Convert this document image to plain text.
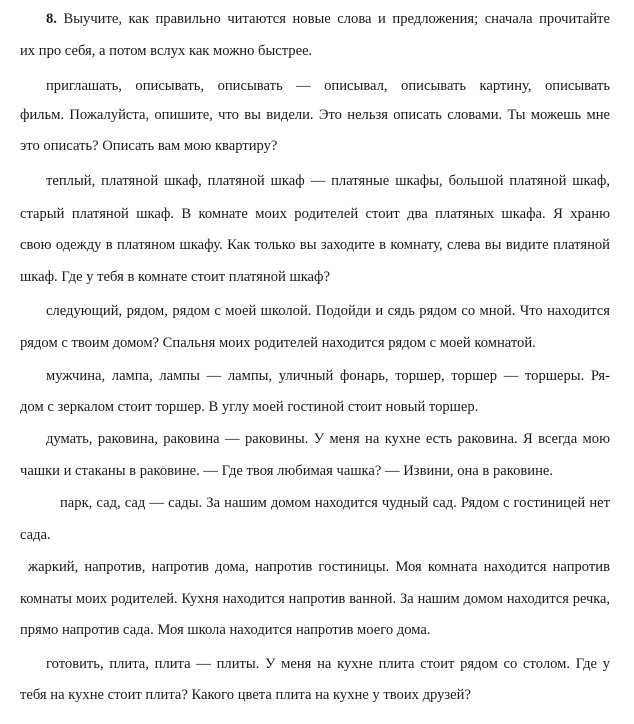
8. Выучите, как правильно читаются новые слова и предложения; сначала прочитайте
их про себя, а потом вслух как можно быстрее.
приглашать, описывать, описывать — описывал, описывать картину, описывать
фильм. Пожалуйста, опишите, что вы видели. Это нельзя описать словами. Ты можешь мне
это описать? Описать вам мою квартиру?
теплый, платяной шкаф, платяной шкаф — платяные шкафы, большой платяной шкаф,
старый платяной шкаф. В комнате моих родителей стоит два платяных шкафа. Я храню
свою одежду в платяном шкафу. Как только вы заходите в комнату, слева вы видите платяной
шкаф. Где у тебя в комнате стоит платяной шкаф?
следующий, рядом, рядом с моей школой. Подойди и сядь рядом со мной. Что находится
рядом с твоим домом? Спальня моих родителей находится рядом с моей комнатой.
мужчина, лампа, лампы — лампы, уличный фонарь, торшер, торшер — торшеры. Ря-
дом с зеркалом стоит торшер. В углу моей гостиной стоит новый торшер.
думать, раковина, раковина — раковины. У меня на кухне есть раковина. Я всегда мою
чашки и стаканы в раковине. — Где твоя любимая чашка? — Извини, она в раковине.
парк, сад, сад — сады. За нашим домом находится чудный сад. Рядом с гостиницей нет
сада.
жаркий, напротив, напротив дома, напротив гостиницы. Моя комната находится напротив
комнаты моих родителей. Кухня находится напротив ванной. За нашим домом находится речка,
прямо напротив сада. Моя школа находится напротив моего дома.
готовить, плита, плита — плиты. У меня на кухне плита стоит рядом со столом. Где у
тебя на кухне стоит плита? Какого цвета плита на кухне у твоих друзей?
